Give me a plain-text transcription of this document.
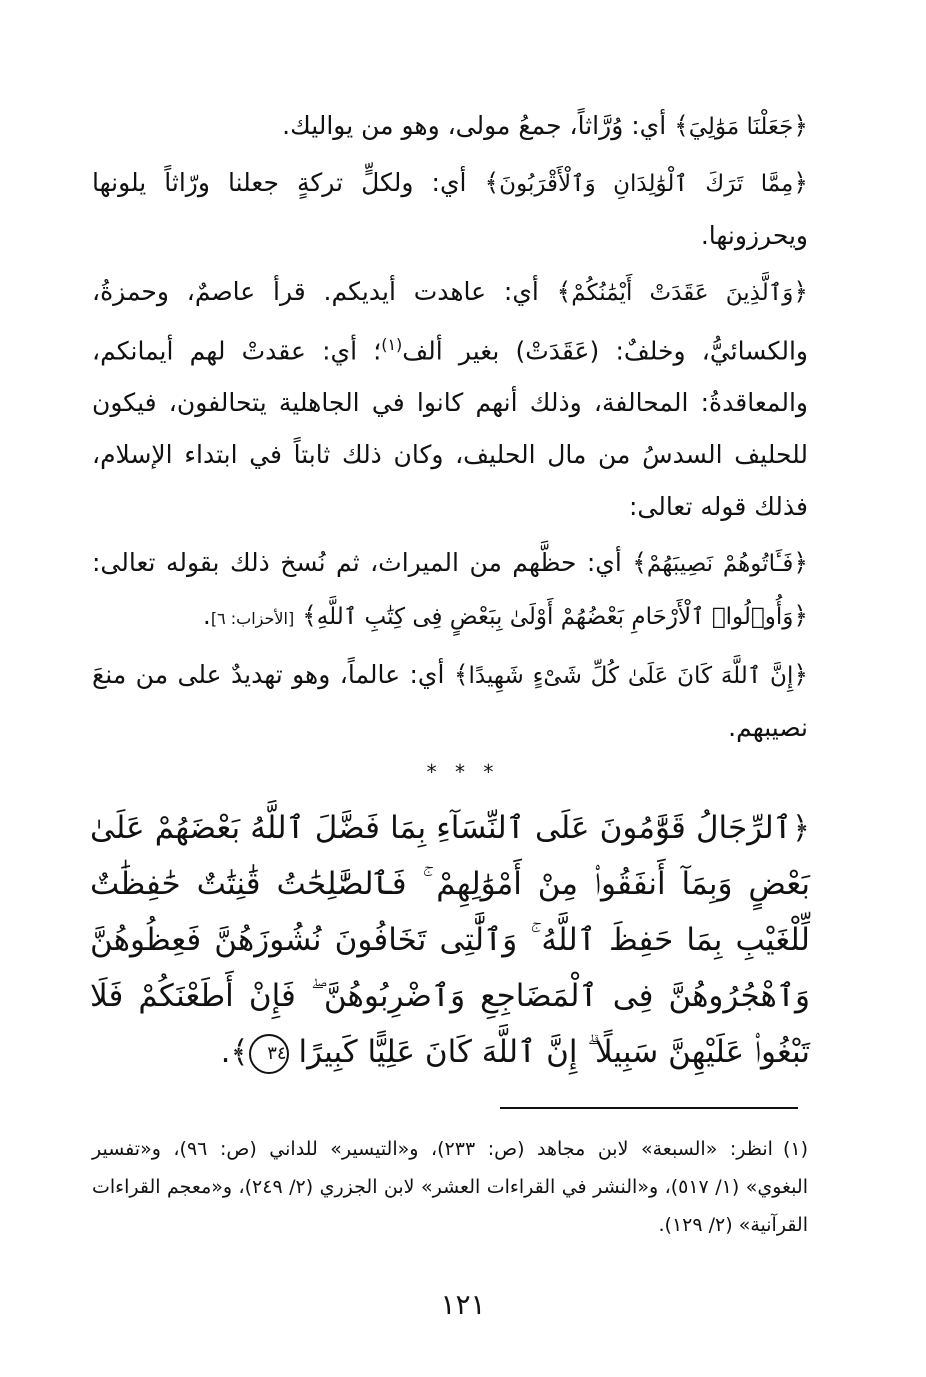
﴿جَعَلْنَا مَوَٰلِيَ﴾ أي: وُرَّاثاً، جمعُ مولى، وهو من يواليك.

﴿مِمَّا تَرَكَ ٱلْوَٰلِدَانِ وَٱلْأَقْرَبُونَ﴾ أي: ولكلٍّ تركةٍ جعلنا ورّاثاً يلونها ويحرزونها.

﴿وَٱلَّذِينَ عَقَدَتْ أَيْمَٰنُكُمْ﴾ أي: عاهدت أيديكم. قرأ عاصمٌ، وحمزةُ، والكسائيُّ، وخلفٌ: (عَقَدَتْ) بغير ألف$^{(١)}$؛ أي: عقدتْ لهم أيمانكم، والمعاقدةُ: المحالفة، وذلك أنهم كانوا في الجاهلية يتحالفون، فيكون للحليف السدسُ من مال الحليف، وكان ذلك ثابتاً في ابتداء الإسلام، فذلك قوله تعالى:

﴿فَـَٔاتُوهُمْ نَصِيبَهُمْ﴾ أي: حظَّهم من الميراث، ثم نُسخ ذلك بقوله تعالى: ﴿وَأُو۟لُوا۟ ٱلْأَرْحَامِ بَعْضُهُمْ أَوْلَىٰ بِبَعْضٍ فِى كِتَٰبِ ٱللَّهِ﴾ [الأحزاب: ٦].

﴿إِنَّ ٱللَّهَ كَانَ عَلَىٰ كُلِّ شَىْءٍ شَهِيدًا﴾ أي: عالماً، وهو تهديدٌ على من منعَ نصيبهم.

* * *
﴿ٱلرِّجَالُ قَوَّٰمُونَ عَلَى ٱلنِّسَآءِ بِمَا فَضَّلَ ٱللَّهُ بَعْضَهُمْ عَلَىٰ بَعْضٍ وَبِمَآ أَنفَقُوا۟ مِنْ أَمْوَٰلِهِمْ ۚ فَٱلصَّٰلِحَٰتُ قَٰنِتَٰتٌ حَٰفِظَٰتٌ لِّلْغَيْبِ بِمَا حَفِظَ ٱللَّهُ ۚ وَٱلَّٰتِى تَخَافُونَ نُشُوزَهُنَّ فَعِظُوهُنَّ وَٱهْجُرُوهُنَّ فِى ٱلْمَضَاجِعِ وَٱضْرِبُوهُنَّ ۖ فَإِنْ أَطَعْنَكُمْ فَلَا تَبْغُوا۟ عَلَيْهِنَّ سَبِيلًا ۗ إِنَّ ٱللَّهَ كَانَ عَلِيًّا كَبِيرًا ٣٤﴾.
(١)انظر: «السبعة» لابن مجاهد (ص: ٢٣٣)، و«التيسير» للداني (ص: ٩٦)، و«تفسير البغوي» (١/ ٥١٧)، و«النشر في القراءات العشر» لابن الجزري (٢/ ٢٤٩)، و«معجم القراءات القرآنية» (٢/ ١٢٩).
١٢١
